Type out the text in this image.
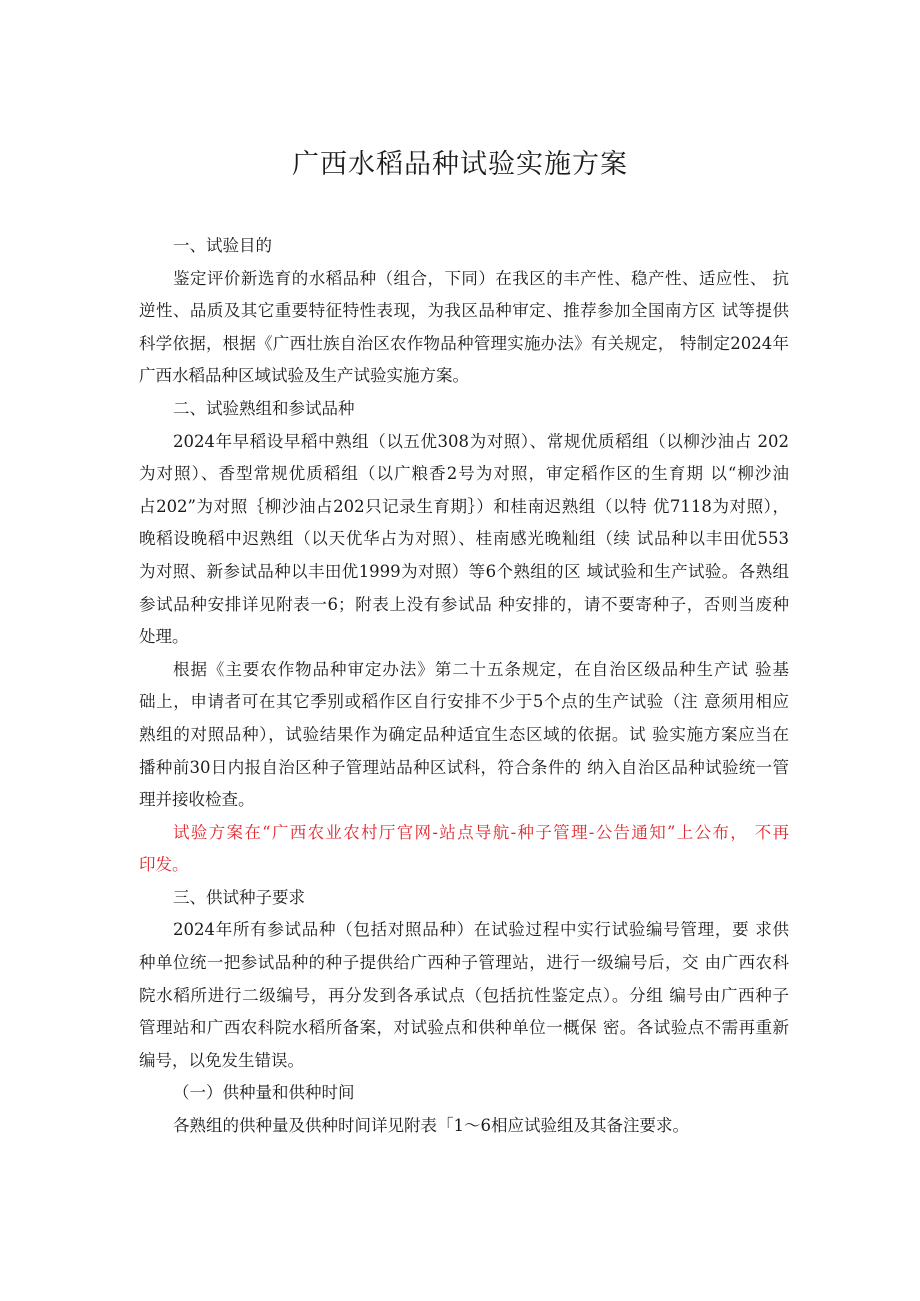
广西水稻品种试验实施方案
一、试验目的
鉴定评价新选育的水稻品种（组合，下同）在我区的丰产性、稳产性、适应性、 抗
逆性、品质及其它重要特征特性表现，为我区品种审定、推荐参加全国南方区 试等提供
科学依据，根据《广西壮族自治区农作物品种管理实施办法》有关规定， 特制定2024年
广西水稻品种区域试验及生产试验实施方案。
二、试验熟组和参试品种
2024年早稻设早稻中熟组（以五优308为对照）、常规优质稻组（以柳沙油占 202
为对照）、香型常规优质稻组（以广粮香2号为对照，审定稻作区的生育期 以“柳沙油
占202”为对照｛柳沙油占202只记录生育期｝）和桂南迟熟组（以特 优7118为对照），
晚稻设晚稻中迟熟组（以天优华占为对照）、桂南感光晚籼组（续 试品种以丰田优553
为对照、新参试品种以丰田优1999为对照）等6个熟组的区 域试验和生产试验。各熟组
参试品种安排详见附表一6；附表上没有参试品 种安排的，请不要寄种子，否则当废种
处理。
根据《主要农作物品种审定办法》第二十五条规定，在自治区级品种生产试 验基
础上，申请者可在其它季别或稻作区自行安排不少于5个点的生产试验（注 意须用相应
熟组的对照品种），试验结果作为确定品种适宜生态区域的依据。试 验实施方案应当在
播种前30日内报自治区种子管理站品种区试科，符合条件的 纳入自治区品种试验统一管
理并接收检查。
试验方案在“广西农业农村厅官网-站点导航-种子管理-公告通知”上公布， 不再
印发。
三、供试种子要求
2024年所有参试品种（包括对照品种）在试验过程中实行试验编号管理，要 求供
种单位统一把参试品种的种子提供给广西种子管理站，进行一级编号后，交 由广西农科
院水稻所进行二级编号，再分发到各承试点（包括抗性鉴定点）。分组 编号由广西种子
管理站和广西农科院水稻所备案，对试验点和供种单位一概保 密。各试验点不需再重新
编号，以免发生错误。
（一）供种量和供种时间
各熟组的供种量及供种时间详见附表「1〜6相应试验组及其备注要求。
